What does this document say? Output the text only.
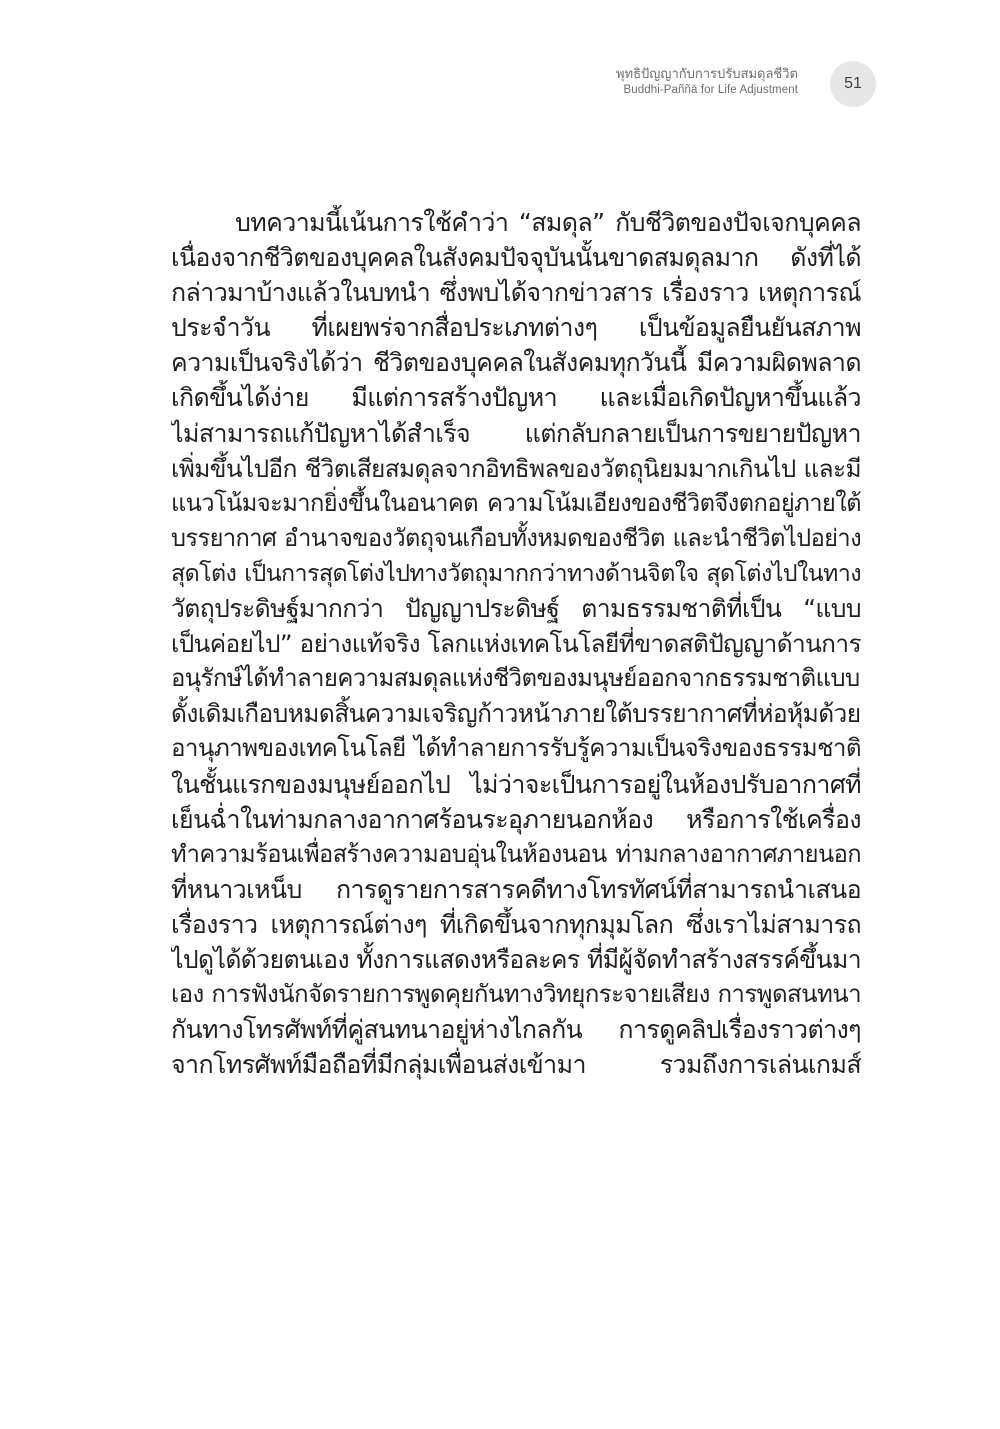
พุทธิปัญญากับการปรับสมดุลชีวิต
Buddhi-Paññā for Life Adjustment	51
บทความนี้เน้นการใช้คำว่า “สมดุล” กับชีวิตของปัจเจกบุคคล
เนื่องจากชีวิตของบุคคลในสังคมปัจจุบันนั้นขาดสมดุลมาก ดังที่ได้
กล่าวมาบ้างแล้วในบทนำ ซึ่งพบได้จากข่าวสาร เรื่องราว เหตุการณ์
ประจำวัน ที่เผยพร่จากสื่อประเภทต่างๆ เป็นข้อมูลยืนยันสภาพ
ความเป็นจริงได้ว่า ชีวิตของบุคคลในสังคมทุกวันนี้ มีความผิดพลาด
เกิดขึ้นได้ง่าย มีแต่การสร้างปัญหา และเมื่อเกิดปัญหาขึ้นแล้ว
ไม่สามารถแก้ปัญหาได้สำเร็จ แต่กลับกลายเป็นการขยายปัญหา
เพิ่มขึ้นไปอีก ชีวิตเสียสมดุลจากอิทธิพลของวัตถุนิยมมากเกินไป และมี
แนวโน้มจะมากยิ่งขึ้นในอนาคต ความโน้มเอียงของชีวิตจึงตกอยู่ภายใต้
บรรยากาศ อำนาจของวัตถุจนเกือบทั้งหมดของชีวิต และนำชีวิตไปอย่าง
สุดโต่ง เป็นการสุดโต่งไปทางวัตถุมากกว่าทางด้านจิตใจ สุดโต่งไปในทาง
วัตถุประดิษฐ์มากกว่า ปัญญาประดิษฐ์ ตามธรรมชาติที่เป็น “แบบ
เป็นค่อยไป” อย่างแท้จริง โลกแห่งเทคโนโลยีที่ขาดสติปัญญาด้านการ
อนุรักษ์ได้ทำลายความสมดุลแห่งชีวิตของมนุษย์ออกจากธรรมชาติแบบ
ดั้งเดิมเกือบหมดสิ้นความเจริญก้าวหน้าภายใต้บรรยากาศที่ห่อหุ้มด้วย
อานุภาพของเทคโนโลยี ได้ทำลายการรับรู้ความเป็นจริงของธรรมชาติ
ในชั้นแรกของมนุษย์ออกไป ไม่ว่าจะเป็นการอยู่ในห้องปรับอากาศที่
เย็นฉ่ำในท่ามกลางอากาศร้อนระอุภายนอกห้อง หรือการใช้เครื่อง
ทำความร้อนเพื่อสร้างความอบอุ่นในห้องนอน ท่ามกลางอากาศภายนอก
ที่หนาวเหน็บ การดูรายการสารคดีทางโทรทัศน์ที่สามารถนำเสนอ
เรื่องราว เหตุการณ์ต่างๆ ที่เกิดขึ้นจากทุกมุมโลก ซึ่งเราไม่สามารถ
ไปดูได้ด้วยตนเอง ทั้งการแสดงหรือละคร ที่มีผู้จัดทำสร้างสรรค์ขึ้นมา
เอง การฟังนักจัดรายการพูดคุยกันทางวิทยุกระจายเสียง การพูดสนทนา
กันทางโทรศัพท์ที่คู่สนทนาอยู่ห่างไกลกัน การดูคลิปเรื่องราวต่างๆ
จากโทรศัพท์มือถือที่มีกลุ่มเพื่อนส่งเข้ามา รวมถึงการเล่นเกมส์
